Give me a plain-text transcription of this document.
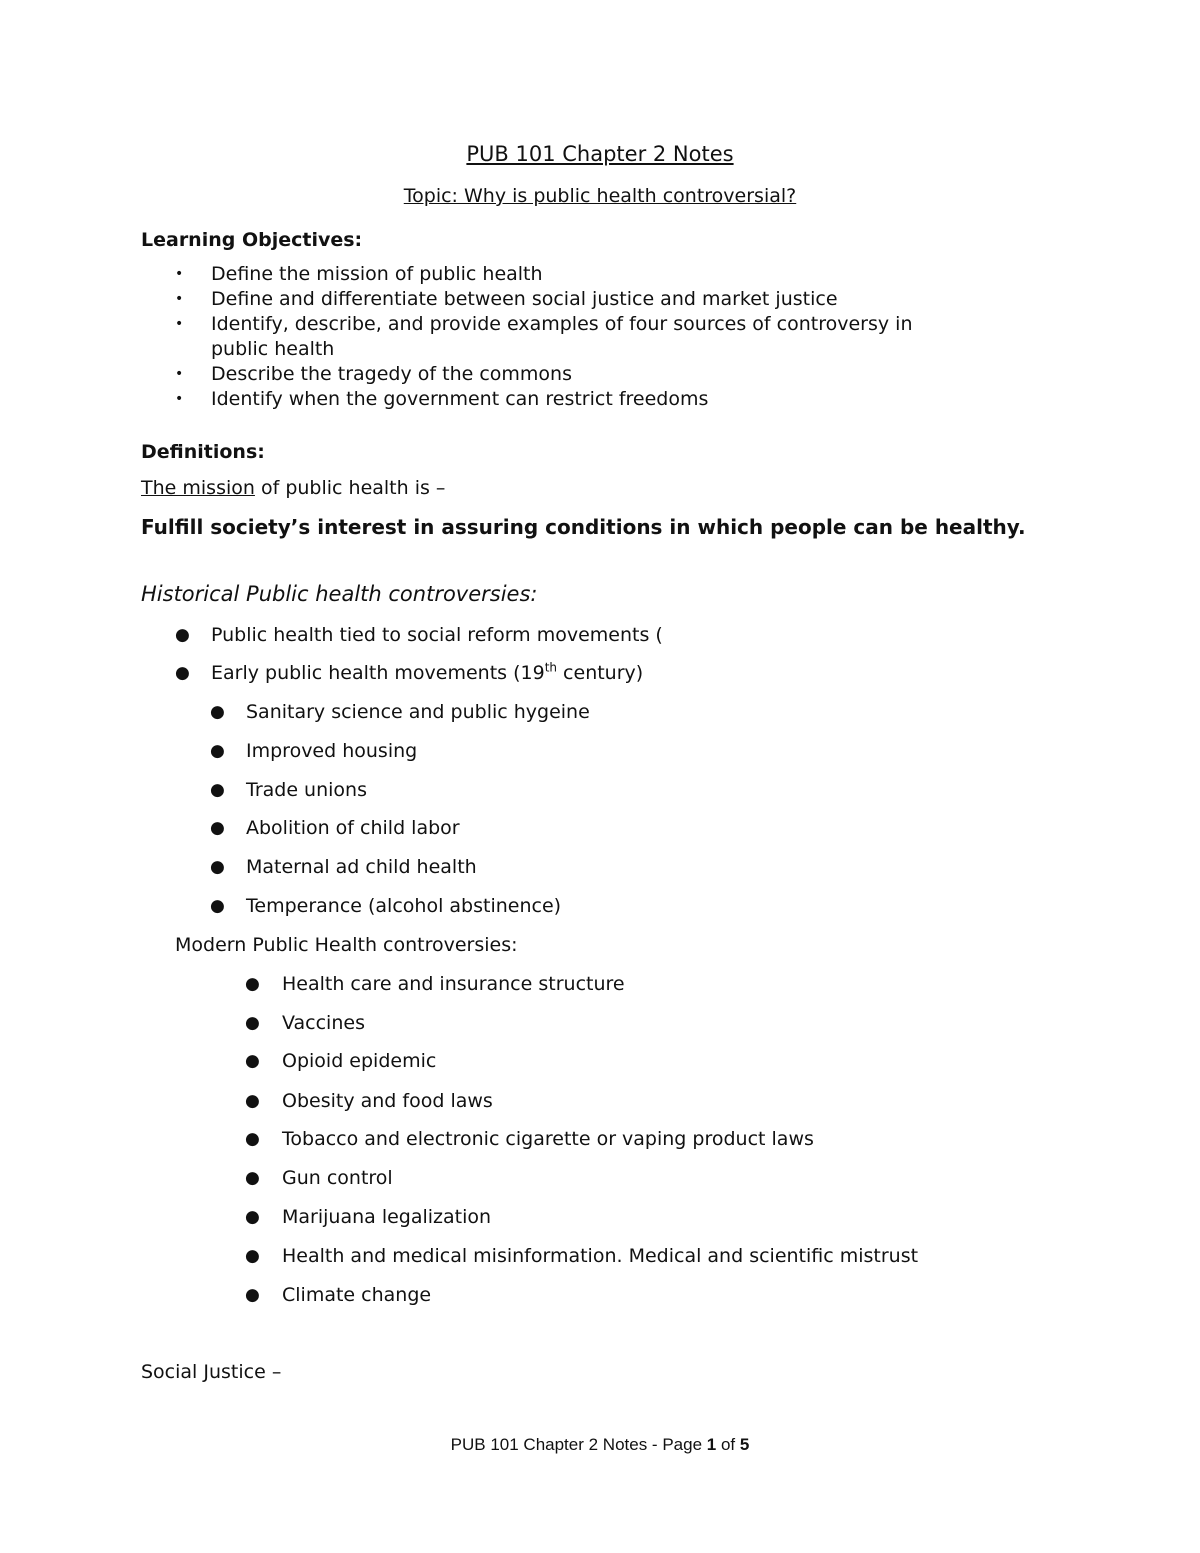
PUB 101 Chapter 2 Notes
Topic: Why is public health controversial?
Learning Objectives:
• Define the mission of public health
• Define and differentiate between social justice and market justice
• Identify, describe, and provide examples of four sources of controversy in
public health
• Describe the tragedy of the commons
• Identify when the government can restrict freedoms
Definitions:
The mission of public health is –
Fulfill society’s interest in assuring conditions in which people can be healthy.
Historical Public health controversies:
● Public health tied to social reform movements (
● Early public health movements (19th century)
● Sanitary science and public hygeine
● Improved housing
● Trade unions
● Abolition of child labor
● Maternal ad child health
● Temperance (alcohol abstinence)
Modern Public Health controversies:
● Health care and insurance structure
● Vaccines
● Opioid epidemic
● Obesity and food laws
● Tobacco and electronic cigarette or vaping product laws
● Gun control
● Marijuana legalization
● Health and medical misinformation. Medical and scientific mistrust
● Climate change
Social Justice –
PUB 101 Chapter 2 Notes - Page 1 of 5
